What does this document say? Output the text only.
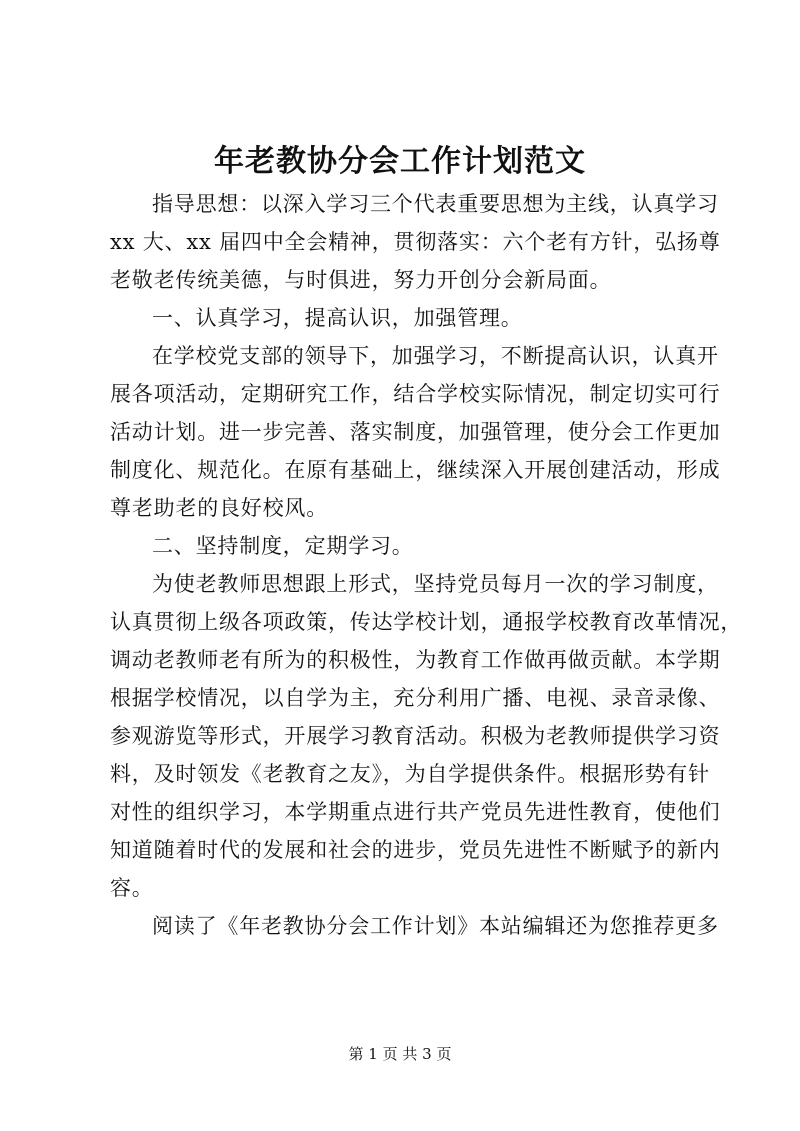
年老教协分会工作计划范文
指导思想：以深入学习三个代表重要思想为主线，认真学习
xx 大、xx 届四中全会精神，贯彻落实：六个老有方针，弘扬尊
老敬老传统美德，与时俱进，努力开创分会新局面。
一、认真学习，提高认识，加强管理。
在学校党支部的领导下，加强学习，不断提高认识，认真开
展各项活动，定期研究工作，结合学校实际情况，制定切实可行
活动计划。进一步完善、落实制度，加强管理，使分会工作更加
制度化、规范化。在原有基础上，继续深入开展创建活动，形成
尊老助老的良好校风。
二、坚持制度，定期学习。
为使老教师思想跟上形式，坚持党员每月一次的学习制度，
认真贯彻上级各项政策，传达学校计划，通报学校教育改革情况，
调动老教师老有所为的积极性，为教育工作做再做贡献。本学期
根据学校情况，以自学为主，充分利用广播、电视、录音录像、
参观游览等形式，开展学习教育活动。积极为老教师提供学习资
料，及时领发《老教育之友》，为自学提供条件。根据形势有针
对性的组织学习，本学期重点进行共产党员先进性教育，使他们
知道随着时代的发展和社会的进步，党员先进性不断赋予的新内
容。
阅读了《年老教协分会工作计划》本站编辑还为您推荐更多
第 1 页 共 3 页
